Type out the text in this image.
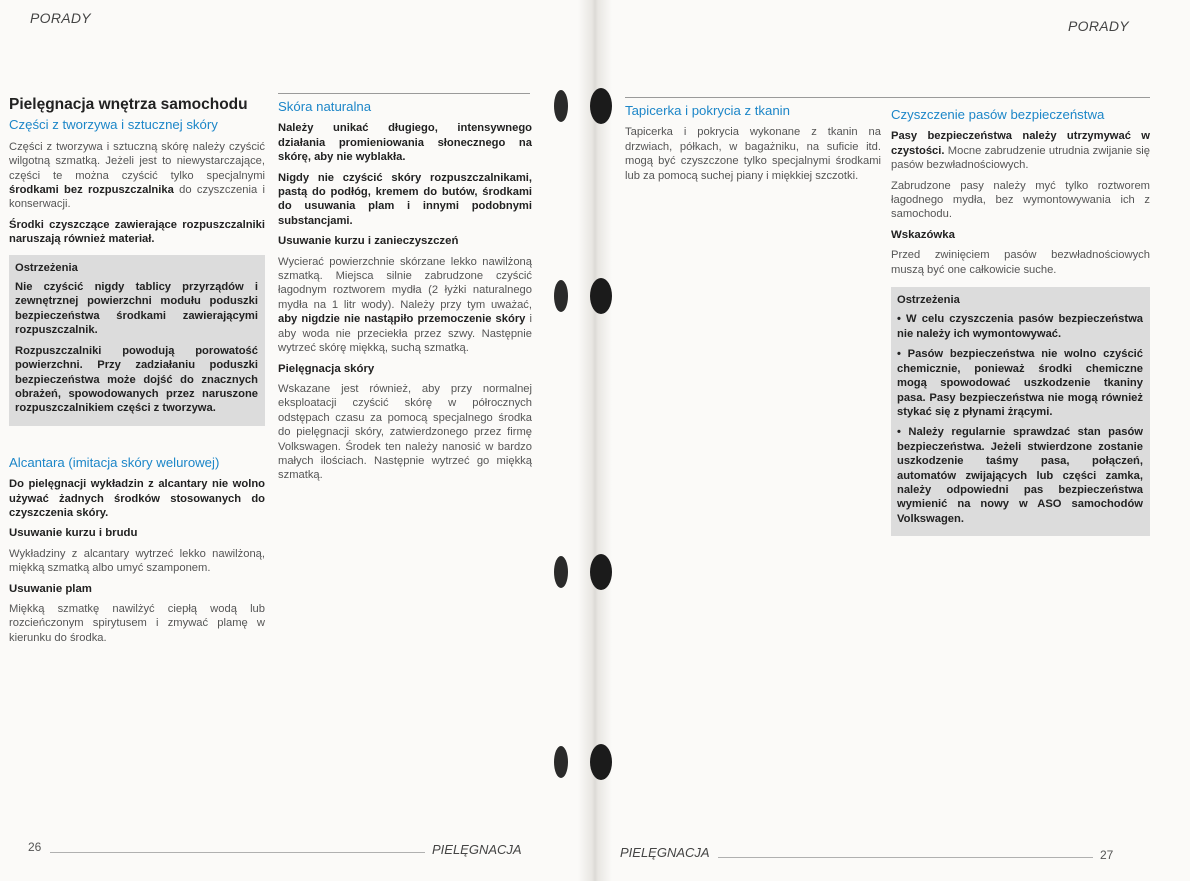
PORADY	PORADY
Pielęgnacja wnętrza samochodu
Części z tworzywa i sztucznej skóry

Części z tworzywa i sztuczną skórę należy czyścić wilgotną szmatką. Jeżeli jest to niewystarczające, części te można czyścić tylko specjalnymi środkami bez rozpuszczalnika do czyszczenia i konserwacji.

Środki czyszczące zawierające rozpuszczalniki naruszają również materiał.

Ostrzeżenia

Nie czyścić nigdy tablicy przyrządów i zewnętrznej powierzchni modułu poduszki bezpieczeństwa środkami zawierającymi rozpuszczalnik.

Rozpuszczalniki powodują porowatość powierzchni. Przy zadziałaniu poduszki bezpieczeństwa może dojść do znacznych obrażeń, spowodowanych przez naruszone rozpuszczalnikiem części z tworzywa.

Alcantara (imitacja skóry welurowej)

Do pielęgnacji wykładzin z alcantary nie wolno używać żadnych środków stosowanych do czyszczenia skóry.

Usuwanie kurzu i brudu

Wykładziny z alcantary wytrzeć lekko nawilżoną, miękką szmatką albo umyć szamponem.

Usuwanie plam

Miękką szmatkę nawilżyć ciepłą wodą lub rozcieńczonym spirytusem i zmywać plamę w kierunku do środka.

Skóra naturalna

Należy unikać długiego, intensywnego działania promieniowania słonecznego na skórę, aby nie wyblakła.

Nigdy nie czyścić skóry rozpuszczalnikami, pastą do podłóg, kremem do butów, środkami do usuwania plam i innymi podobnymi substancjami.

Usuwanie kurzu i zanieczyszczeń

Wycierać powierzchnie skórzane lekko nawilżoną szmatką. Miejsca silnie zabrudzone czyścić łagodnym roztworem mydła (2 łyżki naturalnego mydła na 1 litr wody). Należy przy tym uważać, aby nigdzie nie nastąpiło przemoczenie skóry i aby woda nie przeciekła przez szwy. Następnie wytrzeć skórę miękką, suchą szmatką.

Pielęgnacja skóry

Wskazane jest również, aby przy normalnej eksploatacji czyścić skórę w półrocznych odstępach czasu za pomocą specjalnego środka do pielęgnacji skóry, zatwierdzonego przez firmę Volkswagen. Środek ten należy nanosić w bardzo małych ilościach. Następnie wytrzeć go miękką szmatką.

Tapicerka i pokrycia z tkanin

Tapicerka i pokrycia wykonane z tkanin na drzwiach, półkach, w bagażniku, na suficie itd. mogą być czyszczone tylko specjalnymi środkami lub za pomocą suchej piany i miękkiej szczotki.

Czyszczenie pasów bezpieczeństwa

Pasy bezpieczeństwa należy utrzymywać w czystości. Mocne zabrudzenie utrudnia zwijanie się pasów bezwładnościowych.

Zabrudzone pasy należy myć tylko roztworem łagodnego mydła, bez wymontowywania ich z samochodu.

Wskazówka

Przed zwinięciem pasów bezwładnościowych muszą być one całkowicie suche.

Ostrzeżenia

• W celu czyszczenia pasów bezpieczeństwa nie należy ich wymontowywać.

• Pasów bezpieczeństwa nie wolno czyścić chemicznie, ponieważ środki chemiczne mogą spowodować uszkodzenie tkaniny pasa. Pasy bezpieczeństwa nie mogą również stykać się z płynami żrącymi.

• Należy regularnie sprawdzać stan pasów bezpieczeństwa. Jeżeli stwierdzone zostanie uszkodzenie taśmy pasa, połączeń, automatów zwijających lub części zamka, należy odpowiedni pas bezpieczeństwa wymienić na nowy w ASO samochodów Volkswagen.

26	PIELĘGNACJA	PIELĘGNACJA	27
